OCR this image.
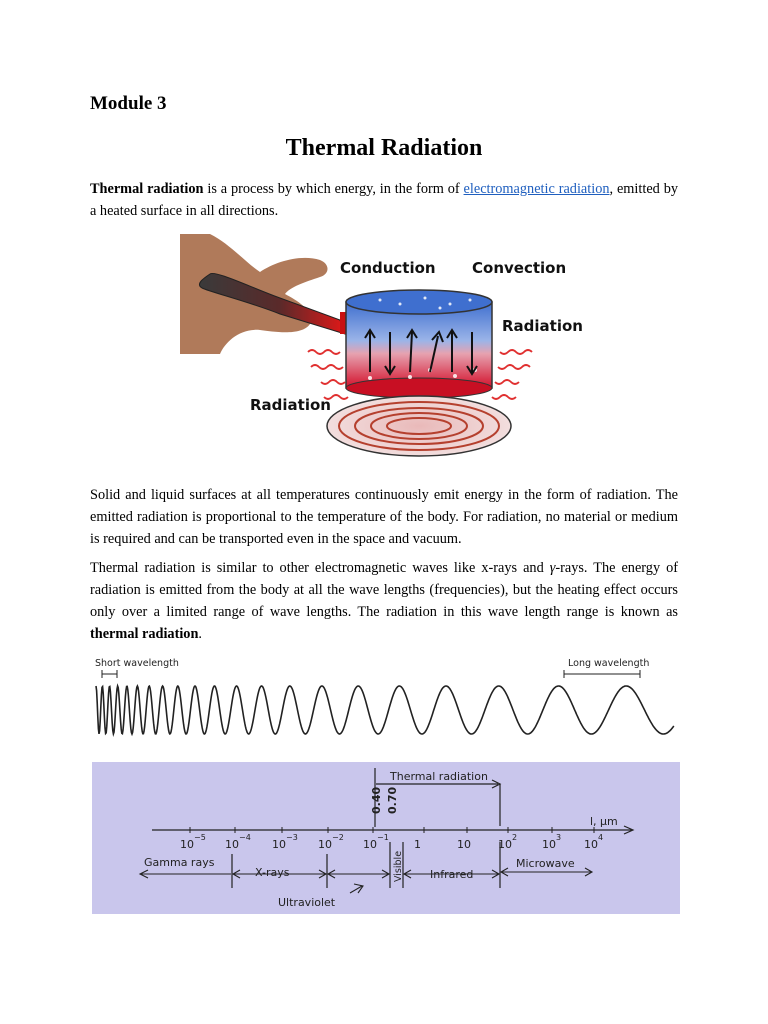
Module 3
Thermal Radiation

Thermal radiation is a process by which energy, in the form of electromagnetic radiation, emitted by a heated surface in all directions.

Conduction Convection
Radiation
Radiation

Solid and liquid surfaces at all temperatures continuously emit energy in the form of radiation. The emitted radiation is proportional to the temperature of the body. For radiation, no material or medium is required and can be transported even in the space and vacuum.

Thermal radiation is similar to other electromagnetic waves like x-rays and γ-rays. The energy of radiation is emitted from the body at all the wave lengths (frequencies), but the heating effect occurs only over a limited range of wave lengths. The radiation in this wave length range is known as thermal radiation.

Short wavelength	Long wavelength
Thermal radiation
0.40 0.70
l, μm
10
−5
10
−4
10
−3
10
−2
10
−1
1	10 10
2
10
3
10
4
Gamma rays
X-rays	Visible Infrared
Microwave
Ultraviolet
